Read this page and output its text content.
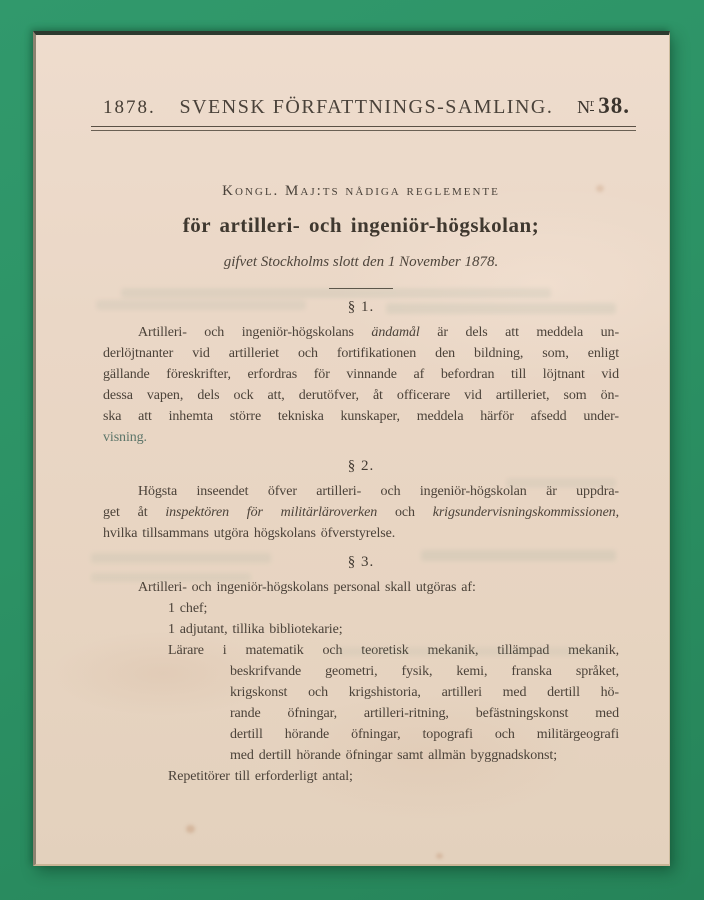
1878. SVENSK FÖRFATTNINGS-SAMLING. $N^r$ 38.
Kongl. Maj:ts nådiga reglemente
för artilleri- och ingeniör-högskolan;
gifvet Stockholms slott den 1 November 1878.
§ 1.
Artilleri- och ingeniör-högskolans ändamål är dels att meddela un-
derlöjtnanter vid artilleriet och fortifikationen den bildning, som, enligt
gällande föreskrifter, erfordras för vinnande af befordran till löjtnant vid
dessa vapen, dels ock att, derutöfver, åt officerare vid artilleriet, som ön-
ska att inhemta större tekniska kunskaper, meddela härför afsedd under-
visning.
§ 2.
Högsta inseendet öfver artilleri- och ingeniör-högskolan är uppdra-
get åt inspektören för militärläroverken och krigsundervisningskommissionen,
hvilka tillsammans utgöra högskolans öfverstyrelse.
§ 3.
Artilleri- och ingeniör-högskolans personal skall utgöras af:
1 chef;
1 adjutant, tillika bibliotekarie;
Lärare i matematik och teoretisk mekanik, tillämpad mekanik,
beskrifvande geometri, fysik, kemi, franska språket,
krigskonst och krigshistoria, artilleri med dertill hö-
rande öfningar, artilleri-ritning, befästningskonst med
dertill hörande öfningar, topografi och militärgeografi
med dertill hörande öfningar samt allmän byggnadskonst;
Repetitörer till erforderligt antal;
